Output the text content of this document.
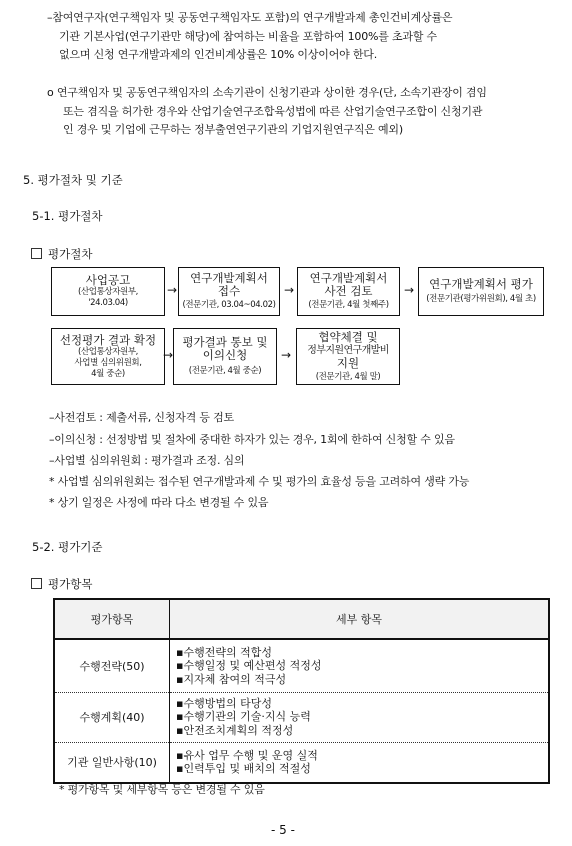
–참여연구자(연구책임자 및 공동연구책임자도 포함)의 연구개발과제 총인건비계상률은
기관 기본사업(연구기관만 해당)에 참여하는 비율을 포함하여 100%를 초과할 수
없으며 신청 연구개발과제의 인건비계상률은 10% 이상이어야 한다.
o 연구책임자 및 공동연구책임자의 소속기관이 신청기관과 상이한 경우(단, 소속기관장이 겸임
또는 겸직을 허가한 경우와 산업기술연구조합육성법에 따른 산업기술연구조합이 신청기관
인 경우 및 기업에 근무하는 정부출연연구기관의 기업지원연구직은 예외)
5. 평가절차 및 기준
5-1. 평가절차
평가절차
사업공고
(산업통상자원부,
'24.03.04)
→
연구개발계획서
접수
(전문기관, 03.04~04.02)
→
연구개발계획서
사전 검토
(전문기관, 4월 첫째주)
→ 연구개발계획서 평가
(전문기관(평가위원회), 4월 초)
선정평가 결과 확정
(산업통상자원부,
사업별 심의위원회,
4월 중순)
→
평가결과 통보 및
이의신청
(전문기관, 4월 중순)
→
협약체결 및
정부지원연구개발비
지원
(전문기관, 4월 말)
–사전검토 : 제출서류, 신청자격 등 검토
–이의신청 : 선정방법 및 절차에 중대한 하자가 있는 경우, 1회에 한하여 신청할 수 있음
–사업별 심의위원회 : 평가결과 조정. 심의
* 사업별 심의위원회는 접수된 연구개발과제 수 및 평가의 효율성 등을 고려하여 생략 가능
* 상기 일정은 사정에 따라 다소 변경될 수 있음
5-2. 평가기준
평가항목
평가항목	세부 항목
수행전략(50)	▪수행전략의 적합성
▪수행일정 및 예산편성 적정성
▪지자체 참여의 적극성

수행계획(40)	▪수행방법의 타당성
▪수행기관의 기술·지식 능력
▪안전조치계획의 적정성

기관 일반사항(10)	▪유사 업무 수행 및 운영 실적
▪인력투입 및 배치의 적절성
* 평가항목 및 세부항목 등은 변경될 수 있음
- 5 -
